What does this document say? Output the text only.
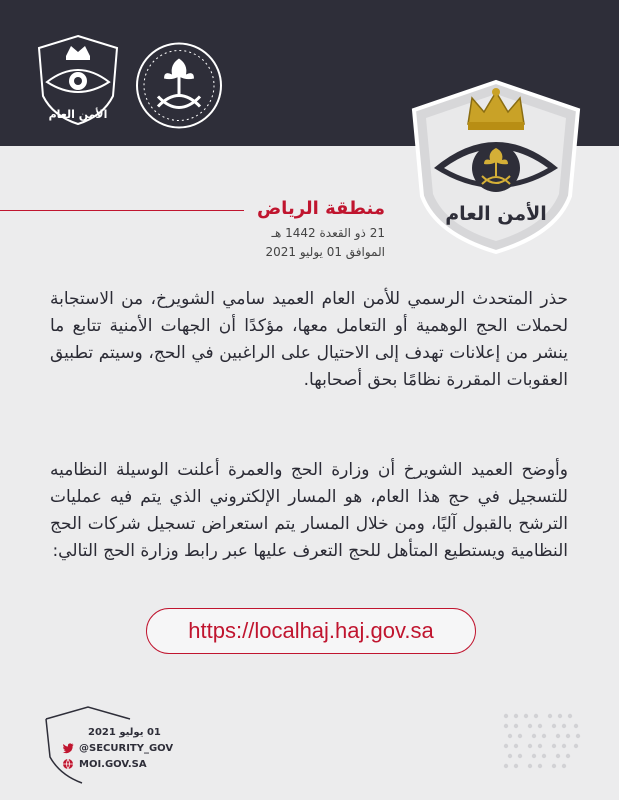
الأمن العام
الأمن العام
منطقة الرياض
21 ذو القعدة 1442 هـ
الموافق 01 يوليو 2021
حذر المتحدث الرسمي للأمن العام العميد سامي الشويرخ، من الاستجابة لحملات الحج الوهمية أو التعامل معها، مؤكدًا أن الجهات الأمنية تتابع ما ينشر من إعلانات تهدف إلى الاحتيال على الراغبين في الحج، وسيتم تطبيق العقوبات المقررة نظامًا بحق أصحابها.
وأوضح العميد الشويرخ أن وزارة الحج والعمرة أعلنت الوسيلة النظاميه للتسجيل في حج هذا العام، هو المسار الإلكتروني الذي يتم فيه عمليات الترشح بالقبول آليًا، ومن خلال المسار يتم استعراض تسجيل شركات الحج النظامية ويستطيع المتأهل للحج التعرف عليها عبر رابط وزارة الحج التالي:
https://localhaj.haj.gov.sa
01 يوليو 2021
@SECURITY_GOV
MOI.GOV.SA
